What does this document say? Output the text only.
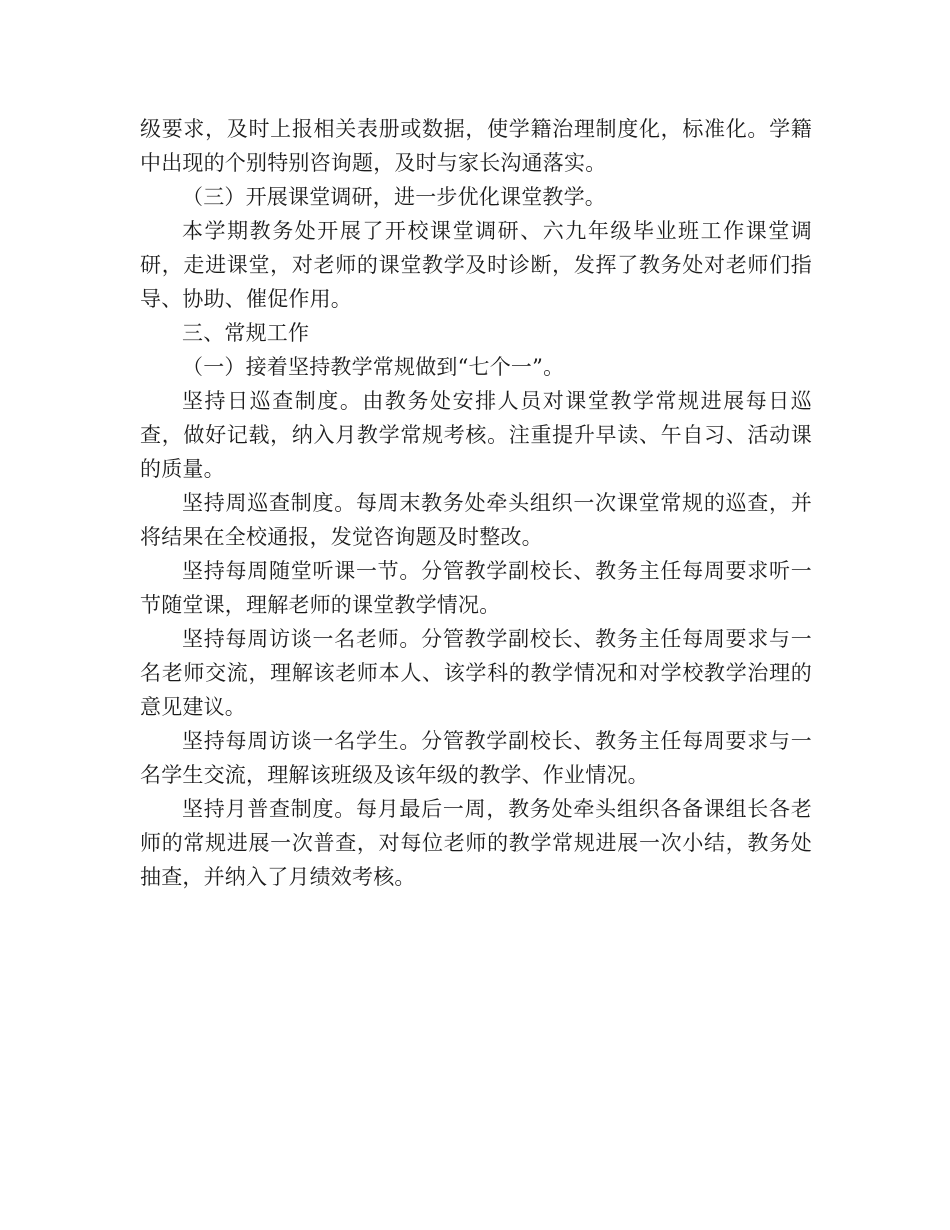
级要求，及时上报相关表册或数据，使学籍治理制度化，标准化。学籍中出现的个别特别咨询题，及时与家长沟通落实。

（三）开展课堂调研，进一步优化课堂教学。

本学期教务处开展了开校课堂调研、六九年级毕业班工作课堂调研，走进课堂，对老师的课堂教学及时诊断，发挥了教务处对老师们指导、协助、催促作用。

三、常规工作

（一）接着坚持教学常规做到“七个一”。

坚持日巡查制度。由教务处安排人员对课堂教学常规进展每日巡查，做好记载，纳入月教学常规考核。注重提升早读、午自习、活动课的质量。

坚持周巡查制度。每周末教务处牵头组织一次课堂常规的巡查，并将结果在全校通报，发觉咨询题及时整改。

坚持每周随堂听课一节。分管教学副校长、教务主任每周要求听一节随堂课，理解老师的课堂教学情况。

坚持每周访谈一名老师。分管教学副校长、教务主任每周要求与一名老师交流，理解该老师本人、该学科的教学情况和对学校教学治理的意见建议。

坚持每周访谈一名学生。分管教学副校长、教务主任每周要求与一名学生交流，理解该班级及该年级的教学、作业情况。

坚持月普查制度。每月最后一周，教务处牵头组织各备课组长各老师的常规进展一次普查，对每位老师的教学常规进展一次小结，教务处抽查，并纳入了月绩效考核。
